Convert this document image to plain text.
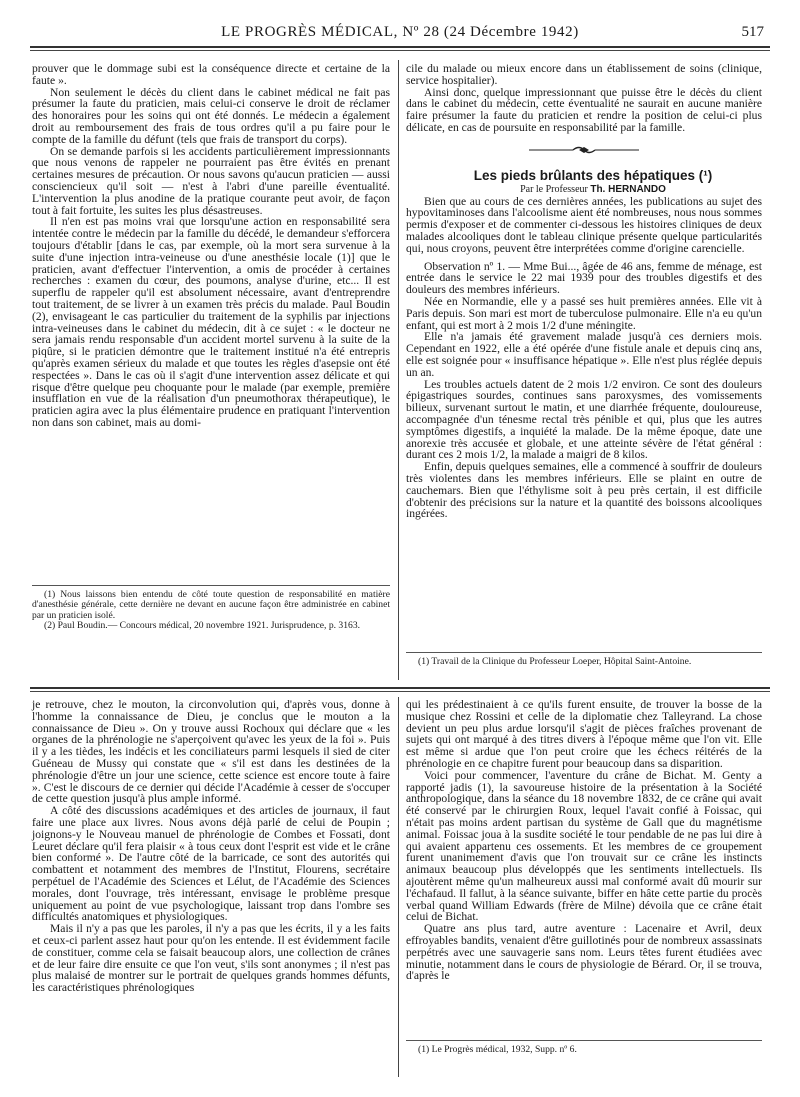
LE PROGRÈS MÉDICAL, Nº 28 (24 Décembre 1942)	517

prouver que le dommage subi est la conséquence directe et certaine de la faute ».

Non seulement le décès du client dans le cabinet médical ne fait pas présumer la faute du praticien, mais celui-ci conserve le droit de réclamer des honoraires pour les soins qui ont été donnés. Le médecin a également droit au remboursement des frais de tous ordres qu'il a pu faire pour le compte de la famille du défunt (tels que frais de transport du corps).

On se demande parfois si les accidents particulièrement impressionnants que nous venons de rappeler ne pourraient pas être évités en prenant certaines mesures de précaution. Or nous savons qu'aucun praticien — aussi consciencieux qu'il soit — n'est à l'abri d'une pareille éventualité. L'intervention la plus anodine de la pratique courante peut avoir, de façon tout à fait fortuite, les suites les plus désastreuses.

Il n'en est pas moins vrai que lorsqu'une action en responsabilité sera intentée contre le médecin par la famille du décédé, le demandeur s'efforcera toujours d'établir [dans le cas, par exemple, où la mort sera survenue à la suite d'une injection intra-veineuse ou d'une anesthésie locale (1)] que le praticien, avant d'effectuer l'intervention, a omis de procéder à certaines recherches : examen du cœur, des poumons, analyse d'urine, etc... Il est superflu de rappeler qu'il est absolument nécessaire, avant d'entreprendre tout traitement, de se livrer à un examen très précis du malade. Paul Boudin (2), envisageant le cas particulier du traitement de la syphilis par injections intra-veineuses dans le cabinet du médecin, dit à ce sujet : « le docteur ne sera jamais rendu responsable d'un accident mortel survenu à la suite de la piqûre, si le praticien démontre que le traitement institué n'a été entrepris qu'après examen sérieux du malade et que toutes les règles d'asepsie ont été respectées ». Dans le cas où il s'agit d'une intervention assez délicate et qui risque d'être quelque peu choquante pour le malade (par exemple, première insufflation en vue de la réalisation d'un pneumothorax thérapeutique), le praticien agira avec la plus élémentaire prudence en pratiquant l'intervention non dans son cabinet, mais au domi-

(1) Nous laissons bien entendu de côté toute question de responsabilité en matière d'anesthésie générale, cette dernière ne devant en aucune façon être administrée en cabinet par un praticien isolé.

(2) Paul Boudin.— Concours médical, 20 novembre 1921. Jurisprudence, p. 3163.

cile du malade ou mieux encore dans un établissement de soins (clinique, service hospitalier).

Ainsi donc, quelque impressionnant que puisse être le décès du client dans le cabinet du médecin, cette éventualité ne saurait en aucune manière faire présumer la faute du praticien et rendre la position de celui-ci plus délicate, en cas de poursuite en responsabilité par la famille.

Les pieds brûlants des hépatiques (¹)

Par le Professeur Th. HERNANDO

Bien que au cours de ces dernières années, les publications au sujet des hypovitaminoses dans l'alcoolisme aient été nombreuses, nous nous sommes permis d'exposer et de commenter ci-dessous les histoires cliniques de deux malades alcooliques dont le tableau clinique présente quelque particularités qui, nous croyons, peuvent être interprétées comme d'origine carencielle.

Observation nº 1. — Mme Bui..., âgée de 46 ans, femme de ménage, est entrée dans le service le 22 mai 1939 pour des troubles digestifs et des douleurs des membres inférieurs.

Née en Normandie, elle y a passé ses huit premières années. Elle vit à Paris depuis. Son mari est mort de tuberculose pulmonaire. Elle n'a eu qu'un enfant, qui est mort à 2 mois 1/2 d'une méningite.

Elle n'a jamais été gravement malade jusqu'à ces derniers mois. Cependant en 1922, elle a été opérée d'une fistule anale et depuis cinq ans, elle est soignée pour « insuffisance hépatique ». Elle n'est plus réglée depuis un an.

Les troubles actuels datent de 2 mois 1/2 environ. Ce sont des douleurs épigastriques sourdes, continues sans paroxysmes, des vomissements bilieux, survenant surtout le matin, et une diarrhée fréquente, douloureuse, accompagnée d'un ténesme rectal très pénible et qui, plus que les autres symptômes digestifs, a inquiété la malade. De la même époque, date une anorexie très accusée et globale, et une atteinte sévère de l'état général : durant ces 2 mois 1/2, la malade a maigri de 8 kilos.

Enfin, depuis quelques semaines, elle a commencé à souffrir de douleurs très violentes dans les membres inférieurs. Elle se plaint en outre de cauchemars. Bien que l'éthylisme soit à peu près certain, il est difficile d'obtenir des précisions sur la nature et la quantité des boissons alcooliques ingérées.

(1) Travail de la Clinique du Professeur Loeper, Hôpital Saint-Antoine.

je retrouve, chez le mouton, la circonvolution qui, d'après vous, donne à l'homme la connaissance de Dieu, je conclus que le mouton a la connaissance de Dieu ». On y trouve aussi Rochoux qui déclare que « les organes de la phrénologie ne s'aperçoivent qu'avec les yeux de la foi ». Puis il y a les tièdes, les indécis et les conciliateurs parmi lesquels il sied de citer Guéneau de Mussy qui constate que « s'il est dans les destinées de la phrénologie d'être un jour une science, cette science est encore toute à faire ». C'est le discours de ce dernier qui décide l'Académie à cesser de s'occuper de cette question jusqu'à plus ample informé.

A côté des discussions académiques et des articles de journaux, il faut faire une place aux livres. Nous avons déjà parlé de celui de Poupin ; joignons-y le Nouveau manuel de phrénologie de Combes et Fossati, dont Leuret déclare qu'il fera plaisir « à tous ceux dont l'esprit est vide et le crâne bien conformé ». De l'autre côté de la barricade, ce sont des autorités qui combattent et notamment des membres de l'Institut, Flourens, secrétaire perpétuel de l'Académie des Sciences et Lélut, de l'Académie des Sciences morales, dont l'ouvrage, très intéressant, envisage le problème presque uniquement au point de vue psychologique, laissant trop dans l'ombre ses difficultés anatomiques et physiologiques.

Mais il n'y a pas que les paroles, il n'y a pas que les écrits, il y a les faits et ceux-ci parlent assez haut pour qu'on les entende. Il est évidemment facile de constituer, comme cela se faisait beaucoup alors, une collection de crânes et de leur faire dire ensuite ce que l'on veut, s'ils sont anonymes ; il n'est pas plus malaisé de montrer sur le portrait de quelques grands hommes défunts, les caractéristiques phrénologiques

qui les prédestinaient à ce qu'ils furent ensuite, de trouver la bosse de la musique chez Rossini et celle de la diplomatie chez Talleyrand. La chose devient un peu plus ardue lorsqu'il s'agit de pièces fraîches provenant de sujets qui ont marqué à des titres divers à l'époque même que l'on vit. Elle est même si ardue que l'on peut croire que les échecs réitérés de la phrénologie en ce chapitre furent pour beaucoup dans sa disparition.

Voici pour commencer, l'aventure du crâne de Bichat. M. Genty a rapporté jadis (1), la savoureuse histoire de la présentation à la Société anthropologique, dans la séance du 18 novembre 1832, de ce crâne qui avait été conservé par le chirurgien Roux, lequel l'avait confié à Foissac, qui n'était pas moins ardent partisan du système de Gall que du magnétisme animal. Foissac joua à la susdite société le tour pendable de ne pas lui dire à qui avaient appartenu ces ossements. Et les membres de ce groupement furent unanimement d'avis que l'on trouvait sur ce crâne les instincts animaux beaucoup plus développés que les sentiments intellectuels. Ils ajoutèrent même qu'un malheureux aussi mal conformé avait dû mourir sur l'échafaud. Il fallut, à la séance suivante, biffer en hâte cette partie du procès verbal quand William Edwards (frère de Milne) dévoila que ce crâne était celui de Bichat.

Quatre ans plus tard, autre aventure : Lacenaire et Avril, deux effroyables bandits, venaient d'être guillotinés pour de nombreux assassinats perpétrés avec une sauvagerie sans nom. Leurs têtes furent étudiées avec minutie, notamment dans le cours de physiologie de Bérard. Or, il se trouva, d'après le

(1) Le Progrès médical, 1932, Supp. nº 6.
